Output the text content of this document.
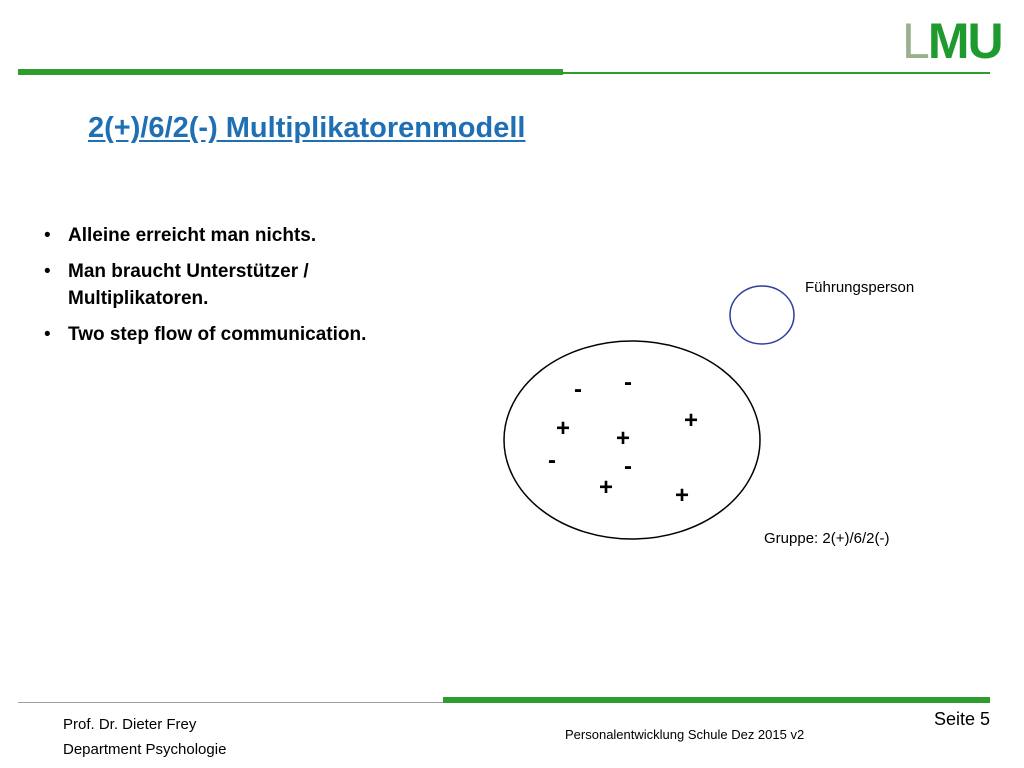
LMU
2(+)/6/2(-) Multiplikatorenmodell
• Alleine erreicht man nichts.
• Man braucht Unterstützer / Multiplikatoren.
• Two step flow of communication.
Führungsperson
- -
+
+ +
-	-
+	+
Gruppe: 2(+)/6/2(-)
Prof. Dr. Dieter Frey
Department Psychologie
Personalentwicklung Schule Dez 2015 v2
Seite 5
